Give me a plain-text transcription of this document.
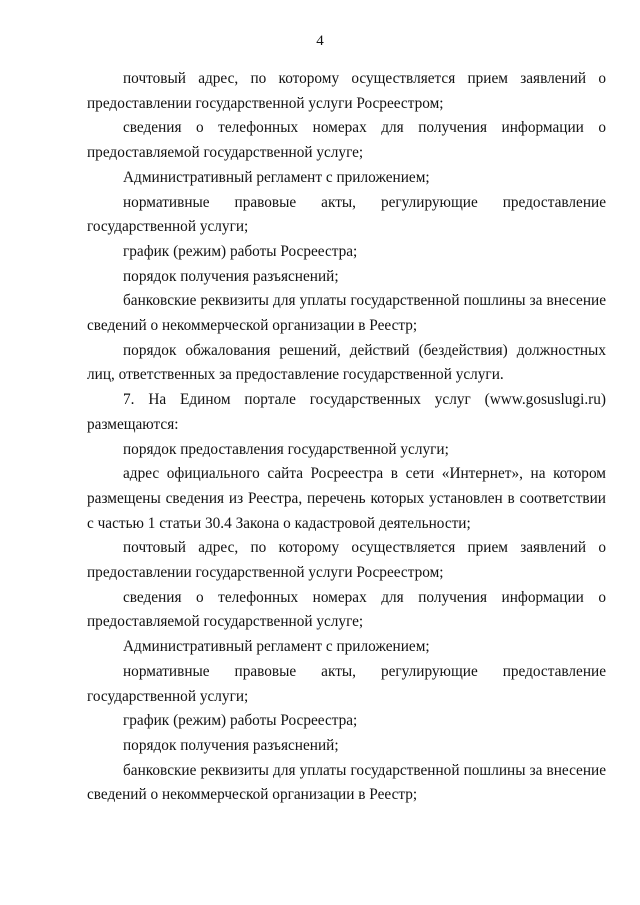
4

почтовый адрес, по которому осуществляется прием заявлений о предоставлении государственной услуги Росреестром;

сведения о телефонных номерах для получения информации о предоставляемой государственной услуге;

Административный регламент с приложением;

нормативные правовые акты, регулирующие предоставление государственной услуги;

график (режим) работы Росреестра;

порядок получения разъяснений;

банковские реквизиты для уплаты государственной пошлины за внесение сведений о некоммерческой организации в Реестр;

порядок обжалования решений, действий (бездействия) должностных лиц, ответственных за предоставление государственной услуги.

7. На Едином портале государственных услуг (www.gosuslugi.ru) размещаются:

порядок предоставления государственной услуги;

адрес официального сайта Росреестра в сети «Интернет», на котором размещены сведения из Реестра, перечень которых установлен в соответствии с частью 1 статьи 30.4 Закона о кадастровой деятельности;

почтовый адрес, по которому осуществляется прием заявлений о предоставлении государственной услуги Росреестром;

сведения о телефонных номерах для получения информации о предоставляемой государственной услуге;

Административный регламент с приложением;

нормативные правовые акты, регулирующие предоставление государственной услуги;

график (режим) работы Росреестра;

порядок получения разъяснений;

банковские реквизиты для уплаты государственной пошлины за внесение сведений о некоммерческой организации в Реестр;
